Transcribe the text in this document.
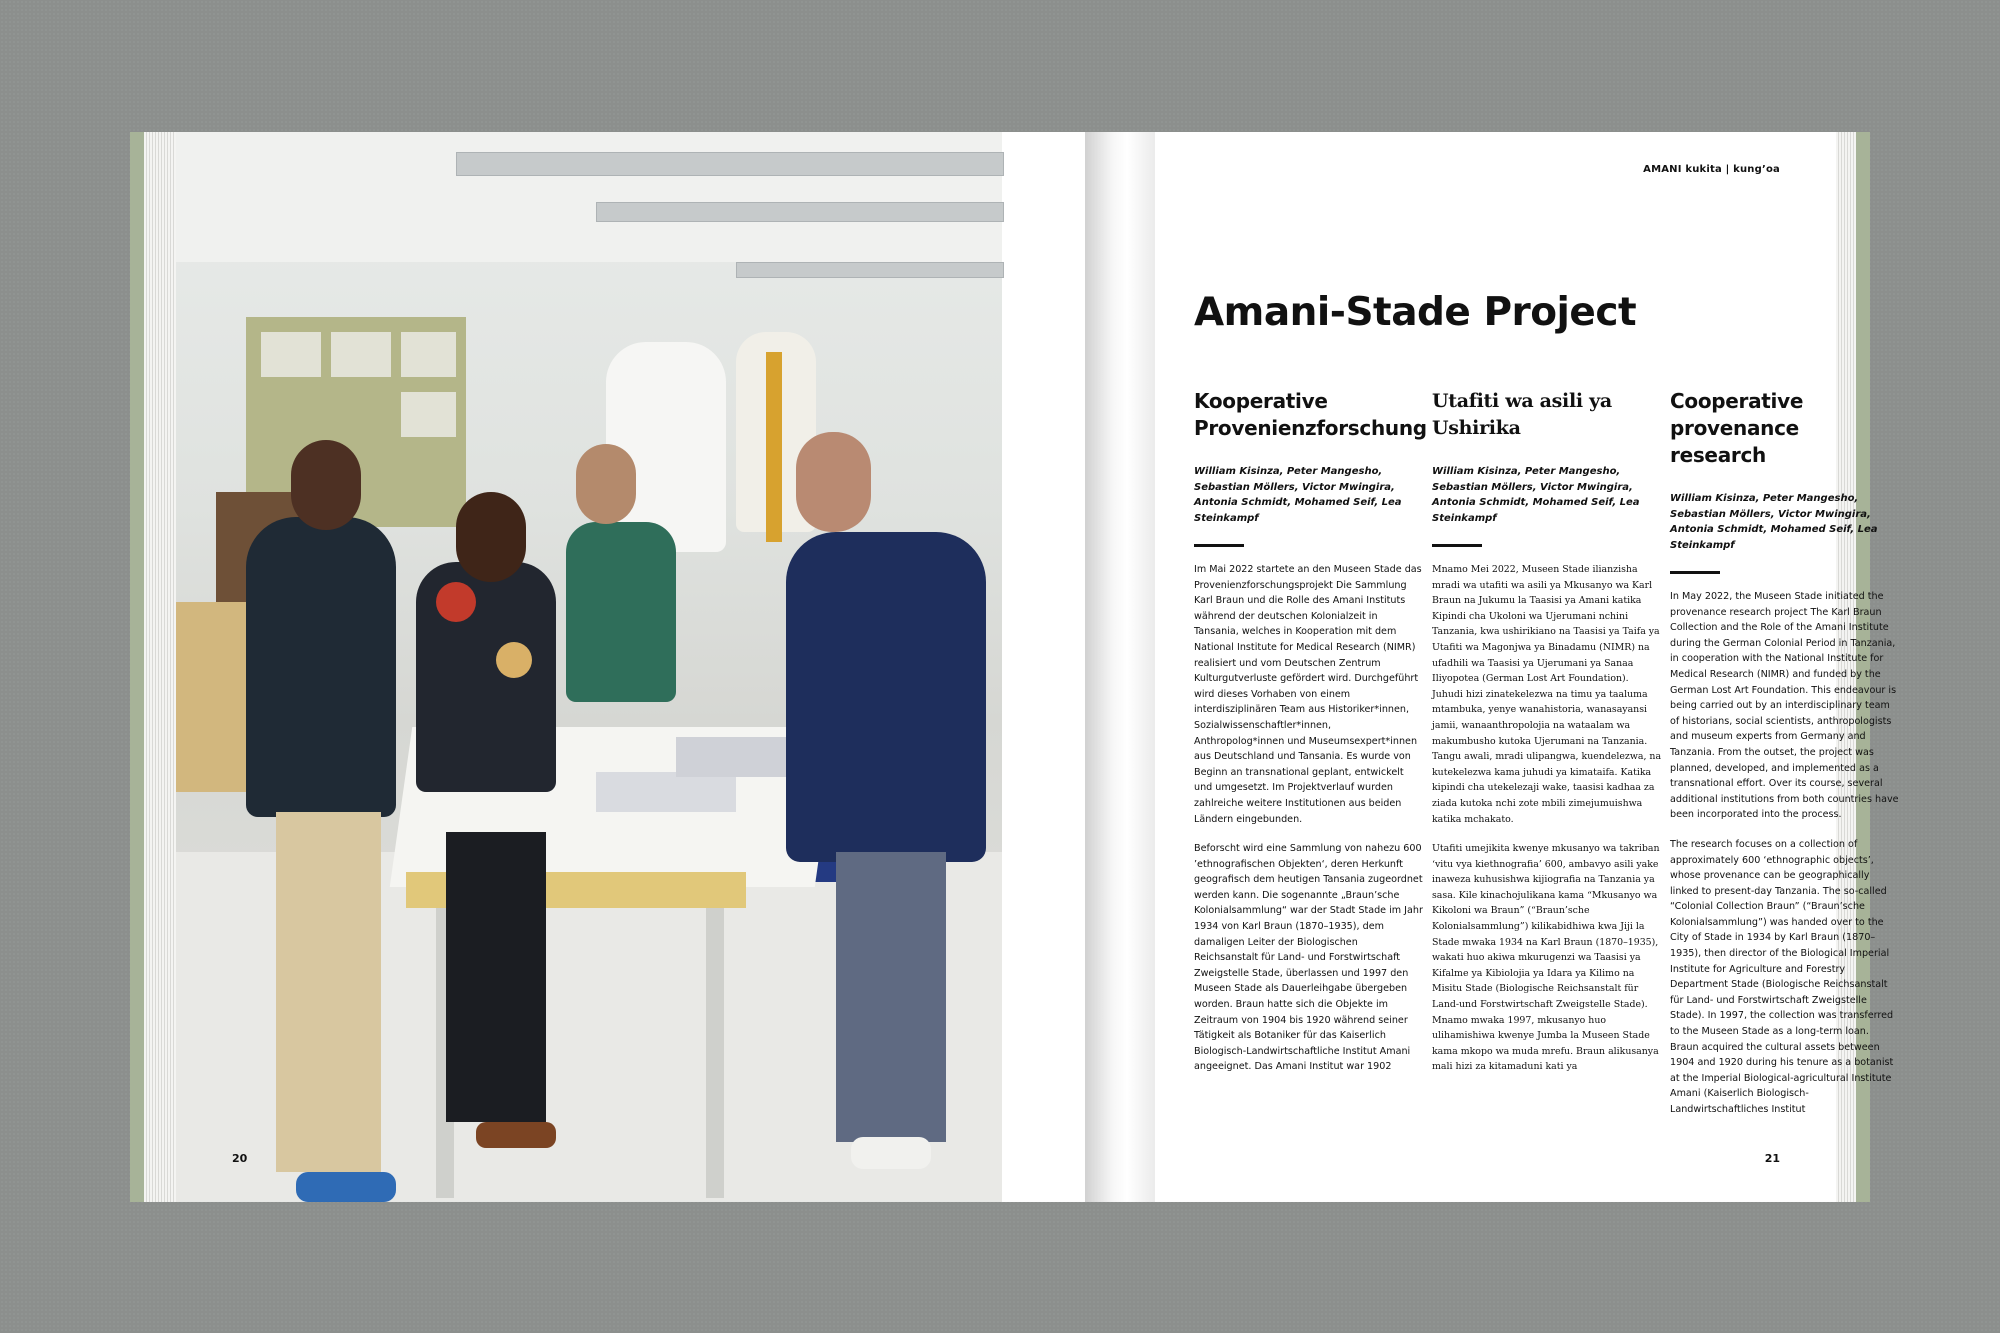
20
AMANI kukita | kung’oa
Amani-Stade Project
Kooperative Provenienzforschung
William Kisinza, Peter Mangesho, Sebastian Möllers, Victor Mwingira, Antonia Schmidt, Mohamed Seif, Lea Steinkampf

Im Mai 2022 startete an den Museen Stade das Provenienzforschungsprojekt Die Sammlung Karl Braun und die Rolle des Amani Instituts während der deutschen Kolonialzeit in Tansania, welches in Kooperation mit dem National Institute for Medical Research (NIMR) realisiert und vom Deutschen Zentrum Kulturgutverluste gefördert wird. Durchgeführt wird dieses Vorhaben von einem interdisziplinären Team aus Historiker*innen, Sozialwissenschaftler*innen, Anthropolog*innen und Museumsexpert*innen aus Deutschland und Tansania. Es wurde von Beginn an transnational geplant, entwickelt und umgesetzt. Im Projektverlauf wurden zahlreiche weitere Institutionen aus beiden Ländern eingebunden.

Beforscht wird eine Sammlung von nahezu 600 ’ethnografischen Objekten‘, deren Herkunft geografisch dem heutigen Tansania zugeordnet werden kann. Die sogenannte „Braun’sche Kolonialsammlung“ war der Stadt Stade im Jahr 1934 von Karl Braun (1870–1935), dem damaligen Leiter der Biologischen Reichsanstalt für Land- und Forstwirtschaft Zweigstelle Stade, überlassen und 1997 den Museen Stade als Dauerleihgabe übergeben worden. Braun hatte sich die Objekte im Zeitraum von 1904 bis 1920 während seiner Tätigkeit als Botaniker für das Kaiserlich Biologisch-Landwirtschaftliche Institut Amani angeeignet. Das Amani Institut war 1902

Utafiti wa asili ya Ushirika
William Kisinza, Peter Mangesho, Sebastian Möllers, Victor Mwingira, Antonia Schmidt, Mohamed Seif, Lea Steinkampf

Mnamo Mei 2022, Museen Stade ilianzisha mradi wa utafiti wa asili ya Mkusanyo wa Karl Braun na Jukumu la Taasisi ya Amani katika Kipindi cha Ukoloni wa Ujerumani nchini Tanzania, kwa ushirikiano na Taasisi ya Taifa ya Utafiti wa Magonjwa ya Binadamu (NIMR) na ufadhili wa Taasisi ya Ujerumani ya Sanaa Iliyopotea (German Lost Art Foundation). Juhudi hizi zinatekelezwa na timu ya taaluma mtambuka, yenye wanahistoria, wanasayansi jamii, wanaanthropolojia na wataalam wa makumbusho kutoka Ujerumani na Tanzania. Tangu awali, mradi ulipangwa, kuendelezwa, na kutekelezwa kama juhudi ya kimataifa. Katika kipindi cha utekelezaji wake, taasisi kadhaa za ziada kutoka nchi zote mbili zimejumuishwa katika mchakato.

Utafiti umejikita kwenye mkusanyo wa takriban ‘vitu vya kiethnografia’ 600, ambavyo asili yake inaweza kuhusishwa kijiografia na Tanzania ya sasa. Kile kinachojulikana kama “Mkusanyo wa Kikoloni wa Braun” (“Braun’sche Kolonialsammlung”) kilikabidhiwa kwa Jiji la Stade mwaka 1934 na Karl Braun (1870–1935), wakati huo akiwa mkurugenzi wa Taasisi ya Kifalme ya Kibiolojia ya Idara ya Kilimo na Misitu Stade (Biologische Reichsanstalt für Land-und Forstwirtschaft Zweigstelle Stade). Mnamo mwaka 1997, mkusanyo huo ulihamishiwa kwenye Jumba la Museen Stade kama mkopo wa muda mrefu. Braun alikusanya mali hizi za kitamaduni kati ya

Cooperative provenance research
William Kisinza, Peter Mangesho, Sebastian Möllers, Victor Mwingira, Antonia Schmidt, Mohamed Seif, Lea Steinkampf

In May 2022, the Museen Stade initiated the provenance research project The Karl Braun Collection and the Role of the Amani Institute during the German Colonial Period in Tanzania, in cooperation with the National Institute for Medical Research (NIMR) and funded by the German Lost Art Foundation. This endeavour is being carried out by an interdisciplinary team of historians, social scientists, anthropologists and museum experts from Germany and Tanzania. From the outset, the project was planned, developed, and implemented as a transnational effort. Over its course, several additional institutions from both countries have been incorporated into the process.

The research focuses on a collection of approximately 600 ‘ethnographic objects’, whose provenance can be geographically linked to present-day Tanzania. The so-called “Colonial Collection Braun” (“Braun’sche Kolonialsammlung”) was handed over to the City of Stade in 1934 by Karl Braun (1870–1935), then director of the Biological Imperial Institute for Agriculture and Forestry Department Stade (Biologische Reichsanstalt für Land- und Forstwirtschaft Zweigstelle Stade). In 1997, the collection was transferred to the Museen Stade as a long-term loan. Braun acquired the cultural assets between 1904 and 1920 during his tenure as a botanist at the Imperial Biological-agricultural Institute Amani (Kaiserlich Biologisch-Landwirtschaftliches Institut

21
